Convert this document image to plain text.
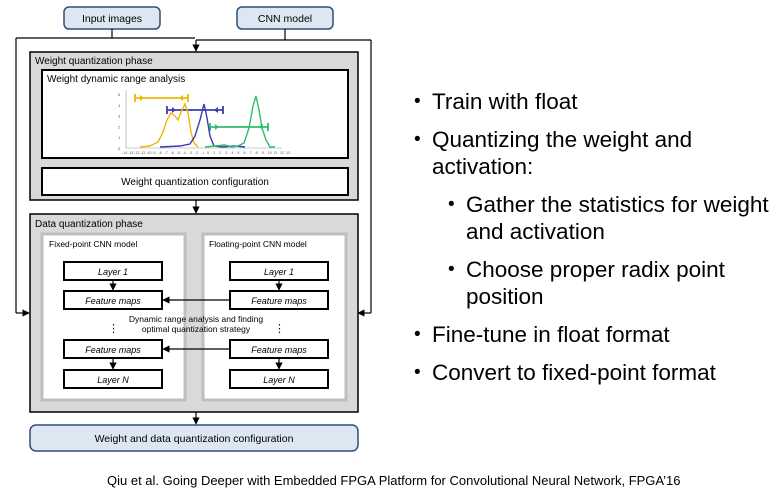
Input images	CNN model
Weight quantization phase
Weight dynamic range analysis
5
4
3
2
1
0
-14 -13 -12 -11 -10 -9 -8 -7 -6 -5 -4 -3 -2 -1 0 1 2 3 4 5 6 7 8 9 10 11 12 13
Weight quantization configuration
Data quantization phase
Fixed-point CNN model	Floating-point CNN model
Layer 1
Feature maps
⋮
Feature maps
Layer N
Layer 1
Feature maps
⋮
Feature maps
Layer N
Dynamic range analysis and finding
optimal quantization strategy
Weight and data quantization configuration
• Train with float
• Quantizing the weight and activation:
• Gather the statistics for weight and activation
• Choose proper radix point position
• Fine-tune in float format
• Convert to fixed-point format
Qiu et al. Going Deeper with Embedded FPGA Platform for Convolutional Neural Network, FPGA’16
